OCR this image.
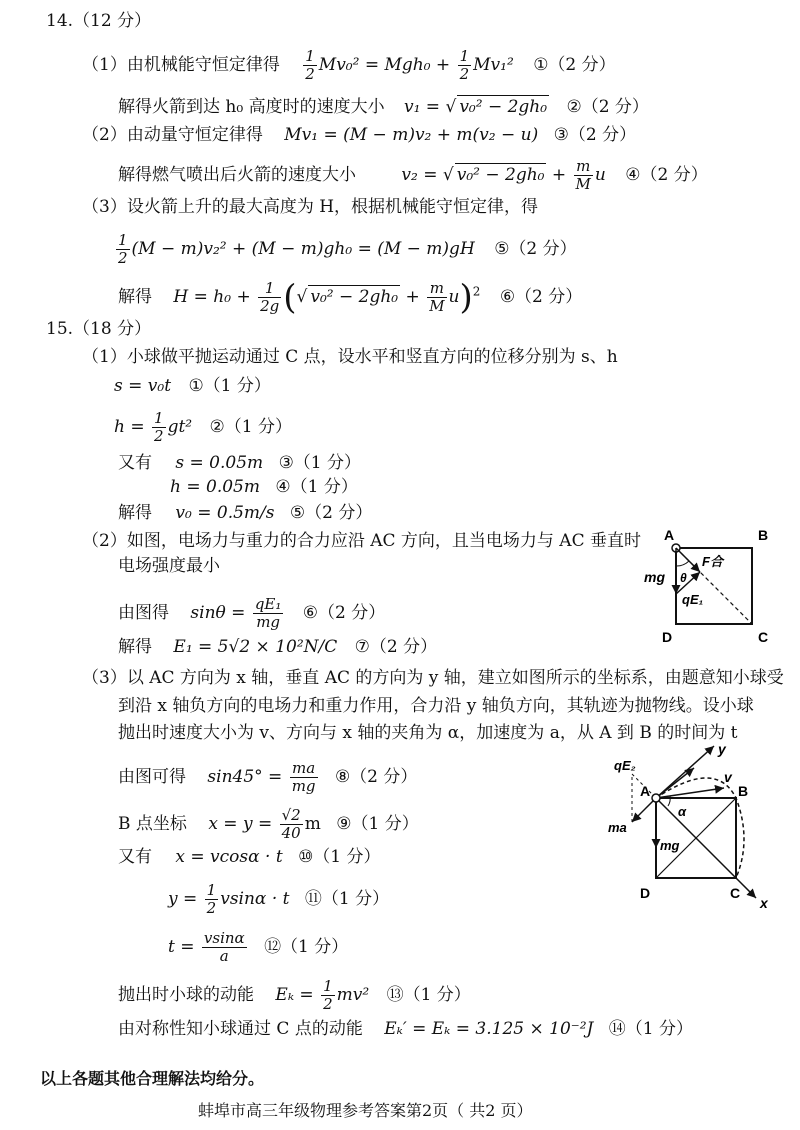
14.（12 分）
（1）由机械能守恒定律得 $\frac{1}{2} Mv_0^2 = Mgh_0 + \frac{1}{2} Mv_1^2$ ①（2 分）
解得火箭到达 h₀ 高度时的速度大小 v₁ = √ v₀² − 2gh₀ ②（2 分）
（2）由动量守恒定律得 Mv₁ = (M − m)v₂ + m(v₂ − u) ③（2 分）
解得燃气喷出后火箭的速度大小	v₂ = √ $v_0^2 - 2gh_0 + \frac{m}{M}$ u ④（2 分）
（3）设火箭上升的最大高度为 H，根据机械能守恒定律，得
$\frac{1}{2} (M - m)v_2^2 + (M - m)gh_0 = (M - m)gH$ ⑤（2 分）
解得 $H = h_0 + \frac{1}{2g}$ (√ $v_0^2 - 2gh_0 + \frac{m}{M} u)^2$ ⑥（2 分）
15.（18 分）
（1）小球做平抛运动通过 C 点，设水平和竖直方向的位移分别为 s、h
s = v₀t ①（1 分）
$h = \frac{1}{2} gt^2$ ②（1 分）
又有 s = 0.05m ③（1 分）
h = 0.05m ④（1 分）
解得 v₀ = 0.5m/s ⑤（2 分）
（2）如图，电场力与重力的合力应沿 AC 方向，且当电场力与 AC 垂直时
电场强度最小
由图得 $\sin\theta = \frac{\text{qE₁}}{mg}$ ⑥（2 分）
解得 E₁ = 5√2 × 10²N/C ⑦（2 分）
（3）以 AC 方向为 x 轴，垂直 AC 的方向为 y 轴，建立如图所示的坐标系，由题意知小球受
到沿 x 轴负方向的电场力和重力作用，合力沿 y 轴负方向，其轨迹为抛物线。设小球
抛出时速度大小为 v、方向与 x 轴的夹角为 α，加速度为 a，从 A 到 B 的时间为 t
由图可得 $\sin 45^\circ = \frac{ma}{mg}$ ⑧（2 分）
B 点坐标 $x = y = \frac{√2}{40}$ m ⑨（1 分）
又有 x = vcosα · t ⑩（1 分）
$y = \frac{1}{2}$ vsinα · t ⑪（1 分）
$t = \frac{vsin\alpha}{a}$ ⑫（1 分）
抛出时小球的动能 $E_k = \frac{1}{2} mv^2$ ⑬（1 分）
由对称性知小球通过 C 点的动能 Eₖ′ = Eₖ = 3.125 × 10⁻²J ⑭（1 分）
以上各题其他合理解法均给分。
蚌埠市高三年级物理参考答案第2页（ 共2 页）
A	B
C
D
mg θ
F合
qE₁
A	B
C
D
y
x
v
α
qE₂
ma
mg
